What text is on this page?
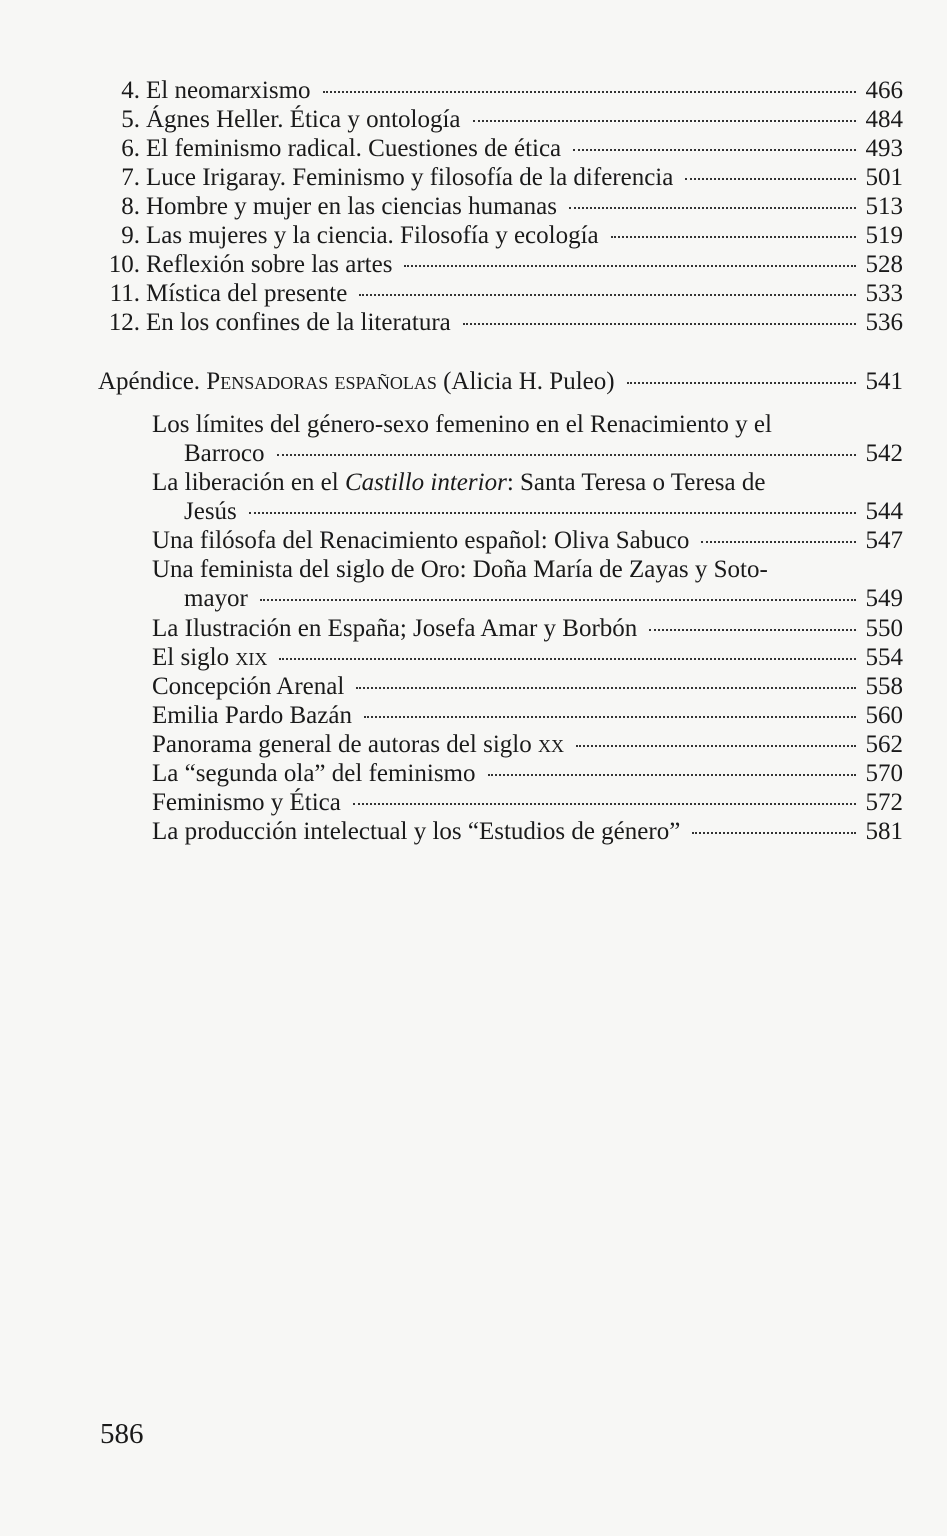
4. El neomarxismo	466
5. Ágnes Heller. Ética y ontología	484
6. El feminismo radical. Cuestiones de ética	493
7. Luce Irigaray. Feminismo y filosofía de la diferencia	501
8. Hombre y mujer en las ciencias humanas	513
9. Las mujeres y la ciencia. Filosofía y ecología	519
10. Reflexión sobre las artes	528
11. Mística del presente	533
12. En los confines de la literatura	536
Apéndice. Pensadoras españolas (Alicia H. Puleo)	541
Los límites del género-sexo femenino en el Renacimiento y el
Barroco	542
La liberación en el Castillo interior: Santa Teresa o Teresa de
Jesús	544
Una filósofa del Renacimiento español: Oliva Sabuco	547
Una feminista del siglo de Oro: Doña María de Zayas y Soto-
mayor	549
La Ilustración en España; Josefa Amar y Borbón	550
El siglo xix	554
Concepción Arenal	558
Emilia Pardo Bazán	560
Panorama general de autoras del siglo xx	562
La “segunda ola” del feminismo	570
Feminismo y Ética	572
La producción intelectual y los “Estudios de género”	581
586
